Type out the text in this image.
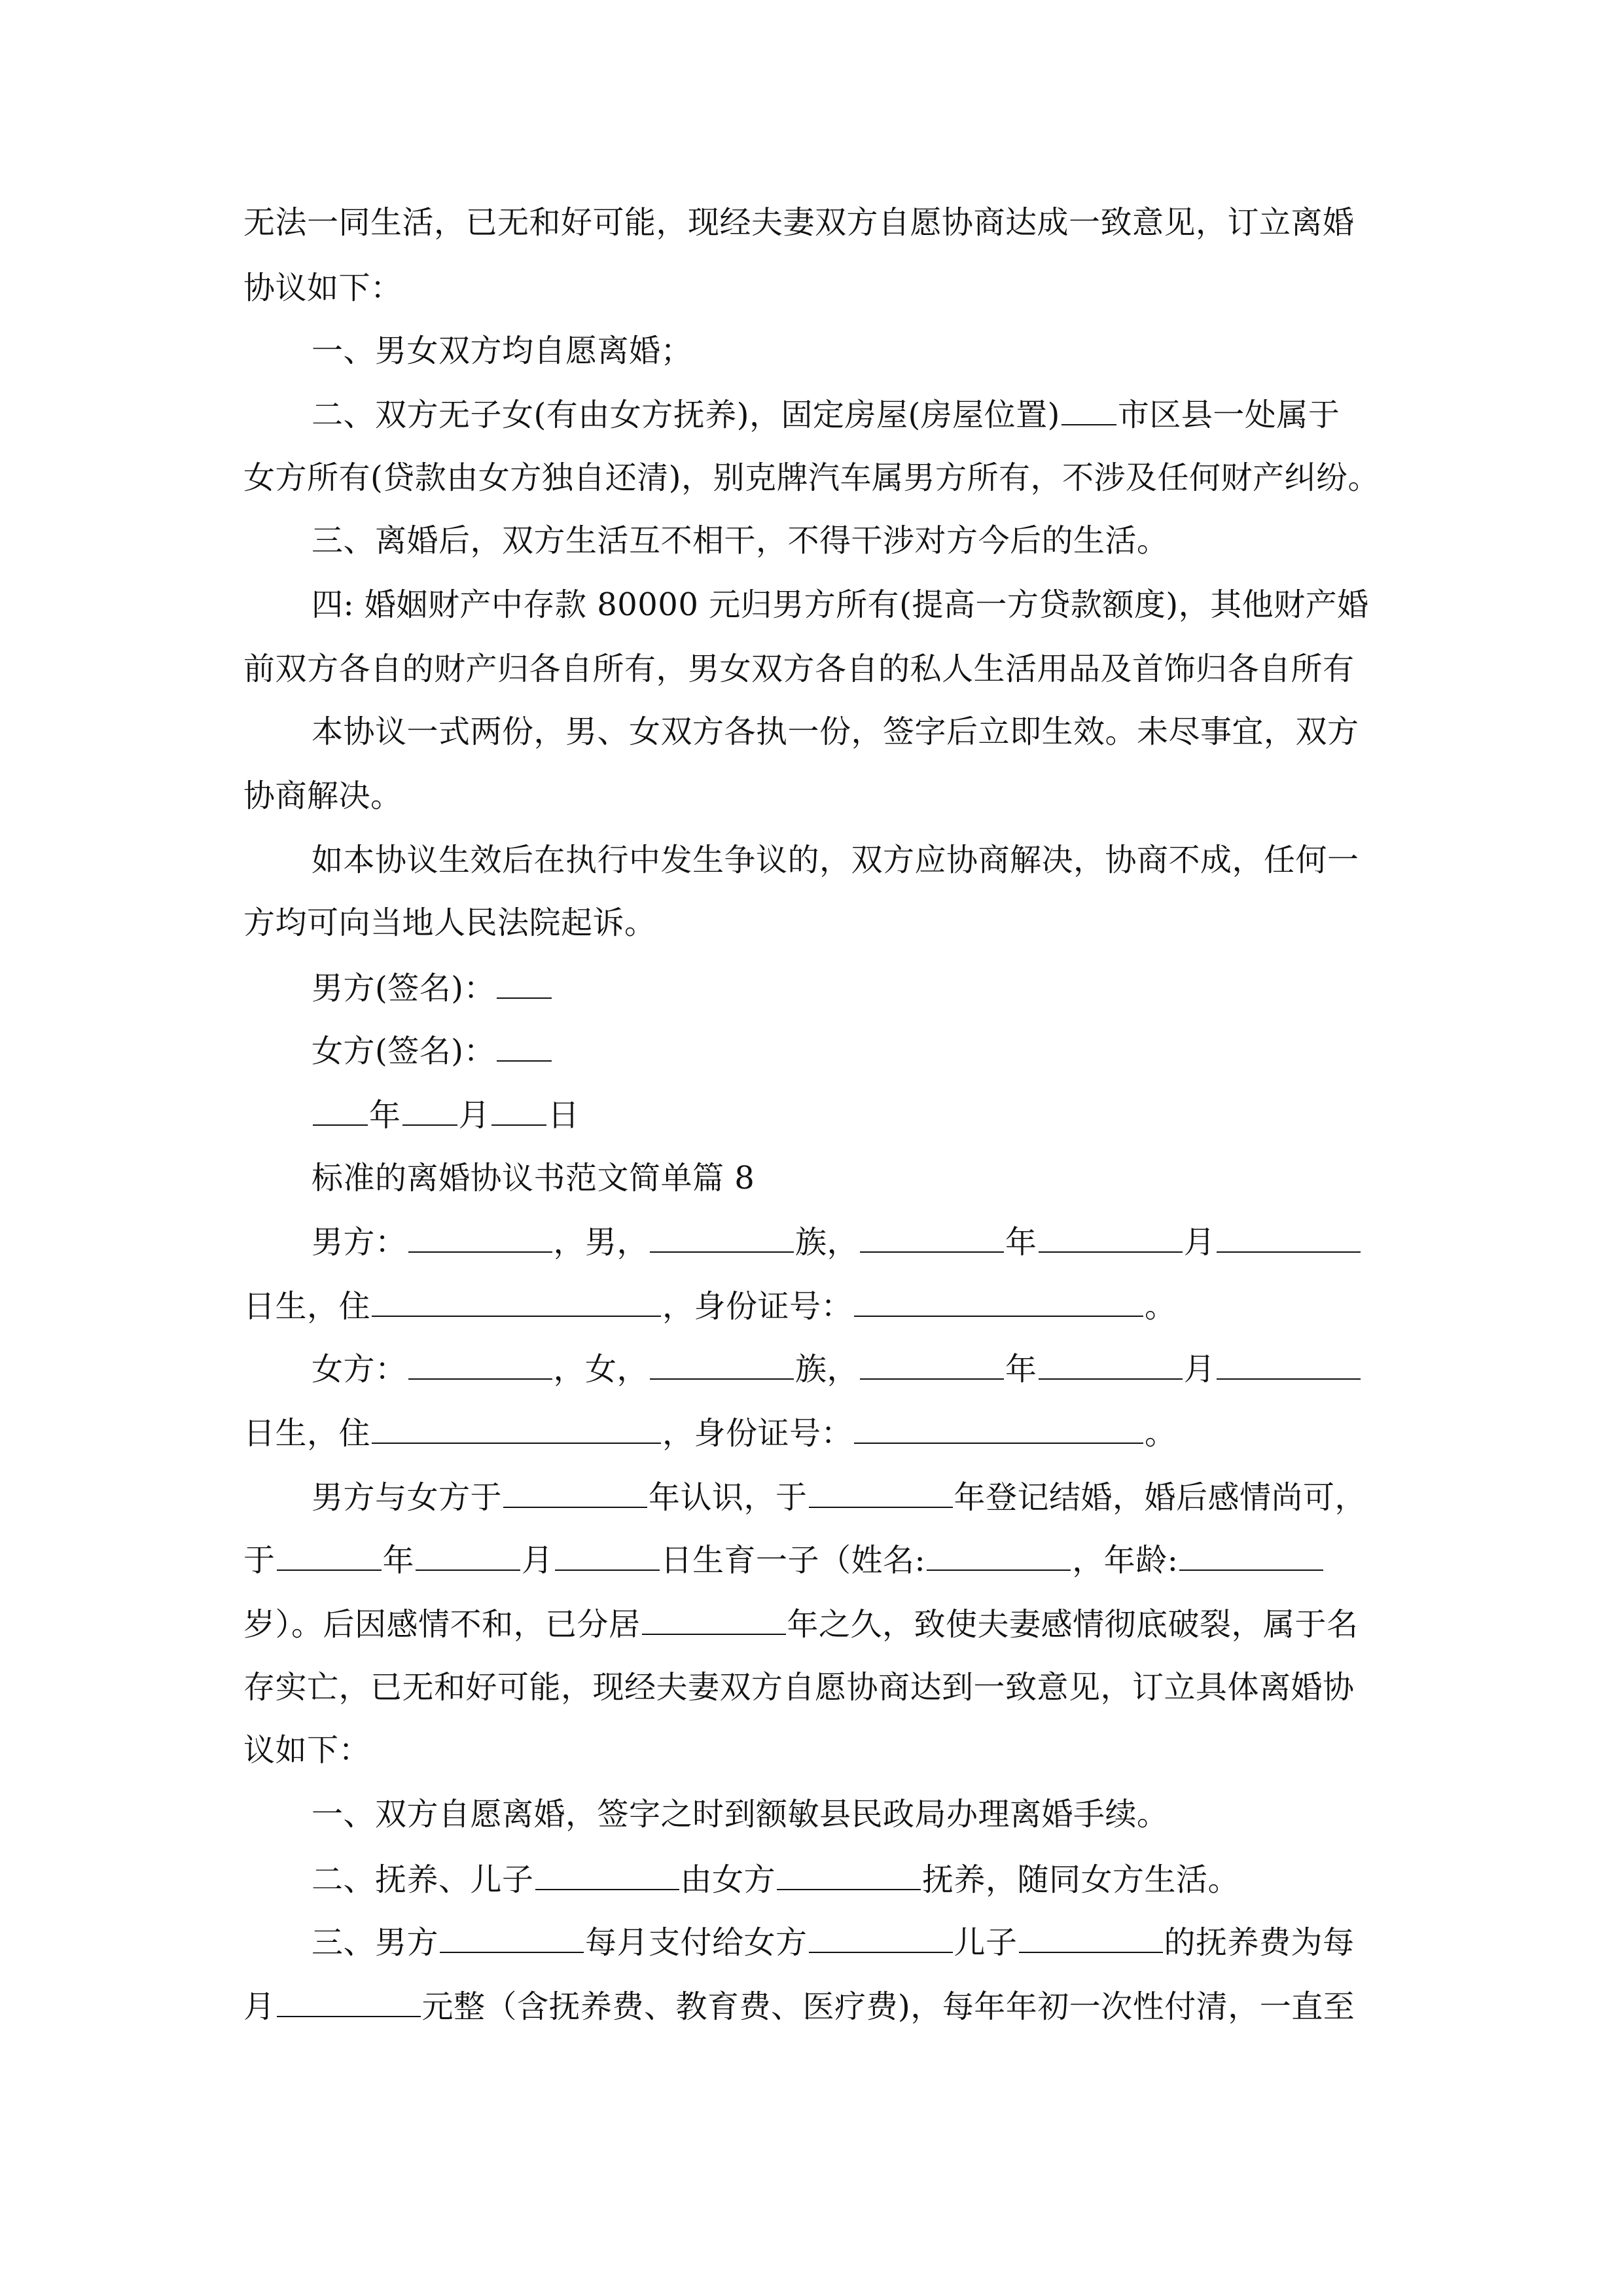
无法一同生活，已无和好可能，现经夫妻双方自愿协商达成一致意见，订立离婚
协议如下：
一、男女双方均自愿离婚；
二、双方无子女(有由女方抚养)，固定房屋(房屋位置) 市区县一处属于
女方所有(贷款由女方独自还清)，别克牌汽车属男方所有，不涉及任何财产纠纷。
三、离婚后，双方生活互不相干，不得干涉对方今后的生活。
四: 婚姻财产中存款 80000 元归男方所有(提高一方贷款额度)，其他财产婚
前双方各自的财产归各自所有，男女双方各自的私人生活用品及首饰归各自所有
本协议一式两份，男、女双方各执一份，签字后立即生效。未尽事宜，双方
协商解决。
如本协议生效后在执行中发生争议的，双方应协商解决，协商不成，任何一
方均可向当地人民法院起诉。
男方(签名)：
女方(签名)：
年 月 日
标准的离婚协议书范文简单篇 8
男方：	，男，	族，	年	月
日生，住	，身份证号：	。
女方：	，女，	族，	年	月
日生，住	，身份证号：	。
男方与女方于	年认识，于	年登记结婚，婚后感情尚可，
于	年	月	日生育一子（姓名:	，年龄:
岁）。后因感情不和，已分居	年之久，致使夫妻感情彻底破裂，属于名
存实亡，已无和好可能，现经夫妻双方自愿协商达到一致意见，订立具体离婚协
议如下：
一、双方自愿离婚，签字之时到额敏县民政局办理离婚手续。
二、抚养、儿子	由女方	抚养，随同女方生活。
三、男方	每月支付给女方	儿子	的抚养费为每
月	元整（含抚养费、教育费、医疗费)，每年年初一次性付清，一直至
